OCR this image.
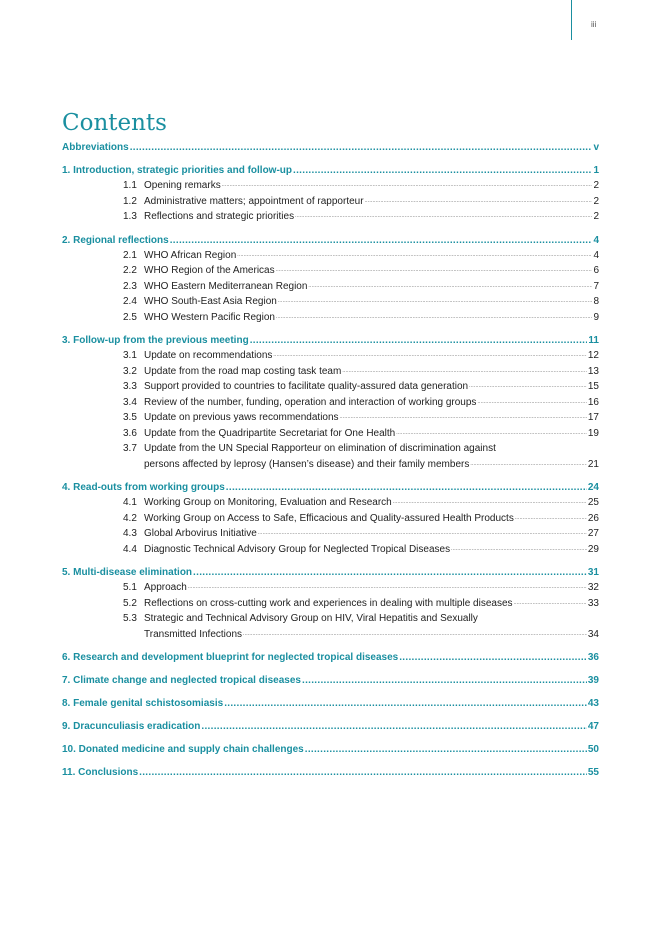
iii
Contents
Abbreviations .....	v
1. Introduction, strategic priorities and follow-up .....	1
1.1 Opening remarks .....	2
1.2 Administrative matters; appointment of rapporteur .....	2
1.3 Reflections and strategic priorities .....	2
2. Regional reflections .....	4
2.1 WHO African Region .....	4
2.2 WHO Region of the Americas .....	6
2.3 WHO Eastern Mediterranean Region .....	7
2.4 WHO South-East Asia Region .....	8
2.5 WHO Western Pacific Region .....	9
3. Follow-up from the previous meeting .....	11
3.1 Update on recommendations .....	12
3.2 Update from the road map costing task team .....	13
3.3 Support provided to countries to facilitate quality-assured data generation .....	15
3.4 Review of the number, funding, operation and interaction of working groups .....	16
3.5 Update on previous yaws recommendations .....	17
3.6 Update from the Quadripartite Secretariat for One Health .....	19
3.7 Update from the UN Special Rapporteur on elimination of discrimination against
persons affected by leprosy (Hansen’s disease) and their family members .....	21
4. Read-outs from working groups .....	24
4.1 Working Group on Monitoring, Evaluation and Research .....	25
4.2 Working Group on Access to Safe, Efficacious and Quality-assured Health Products .....	26
4.3 Global Arbovirus Initiative .....	27
4.4 Diagnostic Technical Advisory Group for Neglected Tropical Diseases .....	29
5. Multi-disease elimination .....	31
5.1 Approach .....	32
5.2 Reflections on cross-cutting work and experiences in dealing with multiple diseases .....	33
5.3 Strategic and Technical Advisory Group on HIV, Viral Hepatitis and Sexually
Transmitted Infections .....	34
6. Research and development blueprint for neglected tropical diseases .....	36
7. Climate change and neglected tropical diseases .....	39
8. Female genital schistosomiasis .....	43
9. Dracunculiasis eradication .....	47
10. Donated medicine and supply chain challenges .....	50
11. Conclusions .....	55
